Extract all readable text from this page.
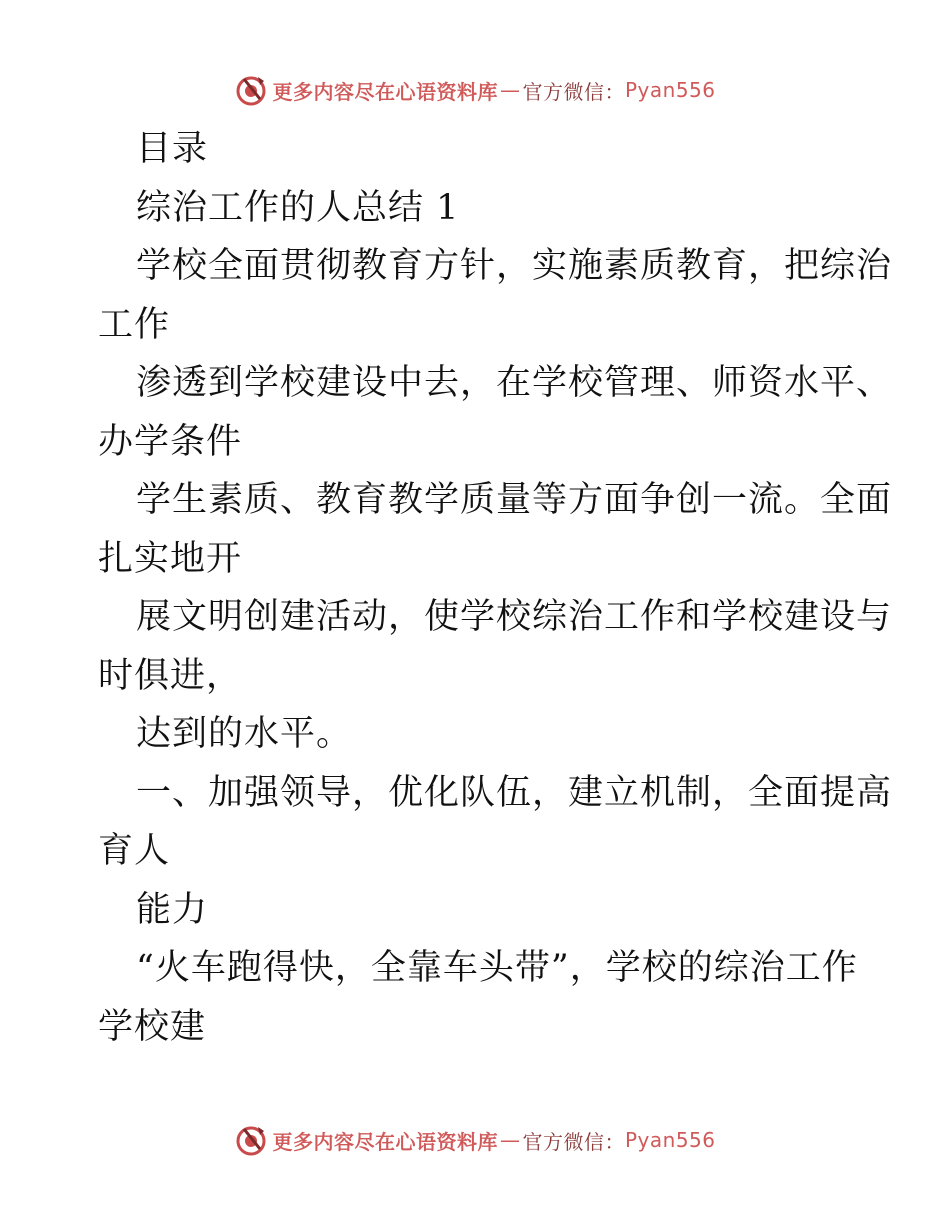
更多内容尽在心语资料库 — 官方微信： Pyan556
目录
综治工作的人总结 1
学校全面贯彻教育方针，实施素质教育，把综治
工作
渗透到学校建设中去，在学校管理、师资水平、
办学条件
学生素质、教育教学质量等方面争创一流。全面
扎实地开
展文明创建活动，使学校综治工作和学校建设与
时俱进，
达到的水平。
一、加强领导，优化队伍，建立机制，全面提高
育人
能力
“火车跑得快，全靠车头带”，学校的综治工作
学校建
更多内容尽在心语资料库 — 官方微信： Pyan556
